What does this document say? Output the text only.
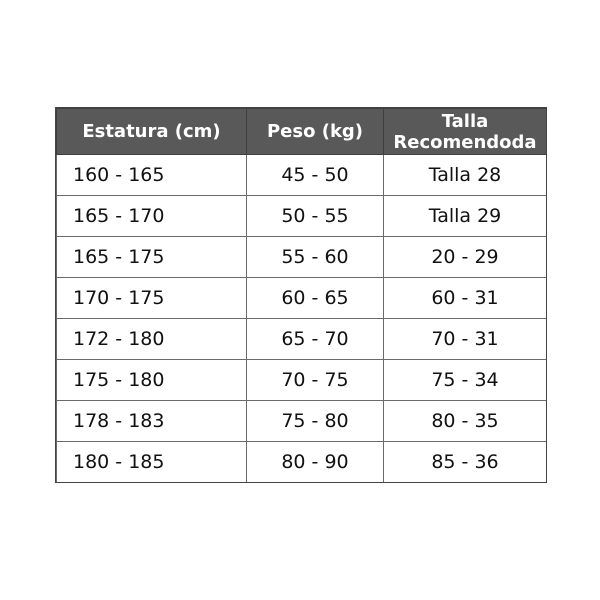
Estatura (cm)	Peso (kg)	Talla
Recomendoda

160 - 165	45 - 50	Talla 28
165 - 170	50 - 55	Talla 29
165 - 175	55 - 60	20 - 29
170 - 175	60 - 65	60 - 31
172 - 180	65 - 70	70 - 31
175 - 180	70 - 75	75 - 34
178 - 183	75 - 80	80 - 35
180 - 185	80 - 90	85 - 36
